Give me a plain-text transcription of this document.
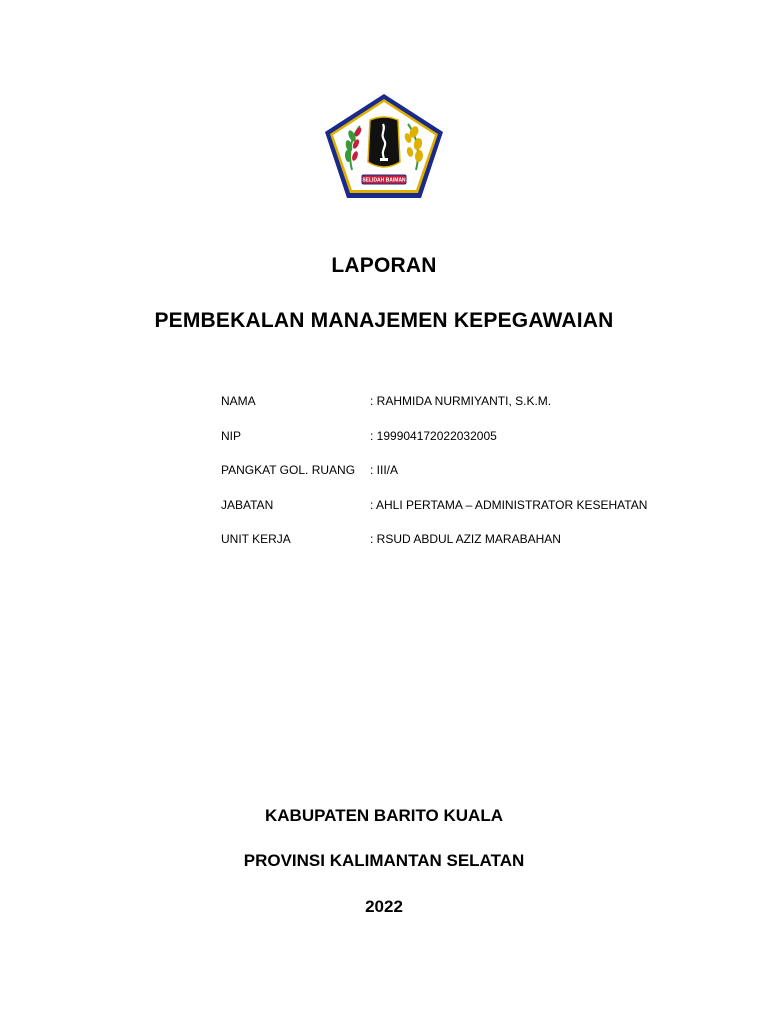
SELIDAH BAIMAN
LAPORAN
PEMBEKALAN MANAJEMEN KEPEGAWAIAN
NAMA	: RAHMIDA NURMIYANTI, S.K.M.
NIP	: 199904172022032005
PANGKAT GOL. RUANG : III/A
JABATAN	: AHLI PERTAMA – ADMINISTRATOR KESEHATAN
UNIT KERJA	: RSUD ABDUL AZIZ MARABAHAN
KABUPATEN BARITO KUALA
PROVINSI KALIMANTAN SELATAN
2022
